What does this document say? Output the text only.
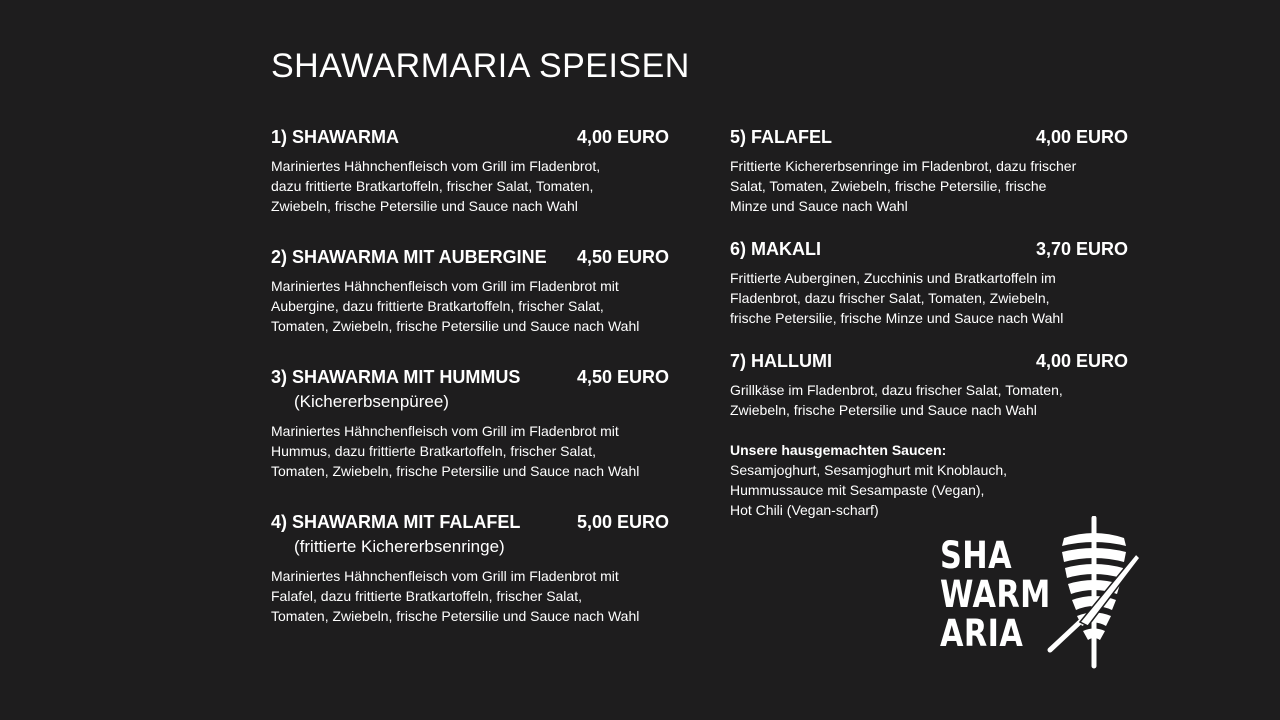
SHAWARMARIA SPEISEN
1) SHAWARMA	4,00 EURO
Mariniertes Hähnchenfleisch vom Grill im Fladenbrot,
dazu frittierte Bratkartoffeln, frischer Salat, Tomaten,
Zwiebeln, frische Petersilie und Sauce nach Wahl
2) SHAWARMA MIT AUBERGINE 4,50 EURO
Mariniertes Hähnchenfleisch vom Grill im Fladenbrot mit
Aubergine, dazu frittierte Bratkartoffeln, frischer Salat,
Tomaten, Zwiebeln, frische Petersilie und Sauce nach Wahl
3) SHAWARMA MIT HUMMUS	4,50 EURO
(Kichererbsenpüree)
Mariniertes Hähnchenfleisch vom Grill im Fladenbrot mit
Hummus, dazu frittierte Bratkartoffeln, frischer Salat,
Tomaten, Zwiebeln, frische Petersilie und Sauce nach Wahl
4) SHAWARMA MIT FALAFEL	5,00 EURO
(frittierte Kichererbsenringe)
Mariniertes Hähnchenfleisch vom Grill im Fladenbrot mit
Falafel, dazu frittierte Bratkartoffeln, frischer Salat,
Tomaten, Zwiebeln, frische Petersilie und Sauce nach Wahl
5) FALAFEL	4,00 EURO
Frittierte Kichererbsenringe im Fladenbrot, dazu frischer
Salat, Tomaten, Zwiebeln, frische Petersilie, frische
Minze und Sauce nach Wahl
6) MAKALI	3,70 EURO
Frittierte Auberginen, Zucchinis und Bratkartoffeln im
Fladenbrot, dazu frischer Salat, Tomaten, Zwiebeln,
frische Petersilie, frische Minze und Sauce nach Wahl
7) HALLUMI	4,00 EURO
Grillkäse im Fladenbrot, dazu frischer Salat, Tomaten,
Zwiebeln, frische Petersilie und Sauce nach Wahl
Unsere hausgemachten Saucen:
Sesamjoghurt, Sesamjoghurt mit Knoblauch,
Hummussauce mit Sesampaste (Vegan),
Hot Chili (Vegan-scharf)
SHA
WARM
ARIA
